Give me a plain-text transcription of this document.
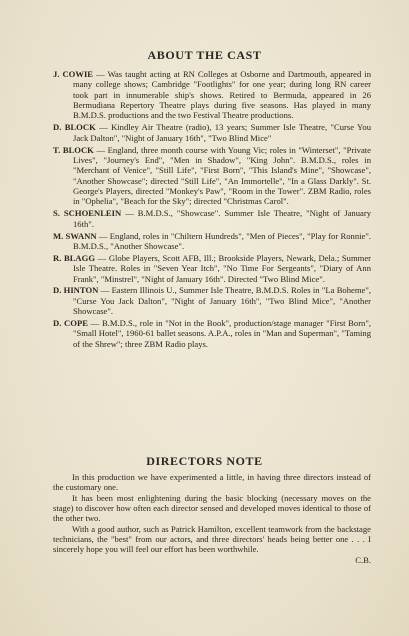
ABOUT THE CAST

J. COWIE — Was taught acting at RN Colleges at Osborne and Dartmouth, appeared in many college shows; Cambridge "Footlights" for one year; during long RN career took part in innumerable ship's shows. Retired to Bermuda, appeared in 26 Bermudiana Repertory Theatre plays during five seasons. Has played in many B.M.D.S. productions and the two Festival Theatre productions.

D. BLOCK — Kindley Air Theatre (radio), 13 years; Summer Isle Theatre, "Curse You Jack Dalton", "Night of January 16th", "Two Blind Mice"

T. BLOCK — England, three month course with Young Vic; roles in "Winterset", "Private Lives", "Journey's End", "Men in Shadow", "King John". B.M.D.S., roles in "Merchant of Venice", "Still Life", "First Born", "This Island's Mine", "Showcase", "Another Showcase"; directed "Still Life", "An Immortelle", "In a Glass Darkly". St. George's Players, directed "Monkey's Paw", "Room in the Tower". ZBM Radio, roles in "Ophelia", "Beach for the Sky"; directed "Christmas Carol".

S. SCHOENLEIN — B.M.D.S., "Showcase". Summer Isle Theatre, "Night of January 16th".

M. SWANN — England, roles in "Chiltern Hundreds", "Men of Pieces", "Play for Ronnie". B.M.D.S., "Another Showcase".

R. BLAGG — Globe Players, Scott AFB, Ill.; Brookside Players, Newark, Dela.; Summer Isle Theatre. Roles in "Seven Year Itch", "No Time For Sergeants", "Diary of Ann Frank", "Minstrel", "Night of January 16th". Directed "Two Blind Mice".

D. HINTON — Eastern Illinois U., Summer Isle Theatre, B.M.D.S. Roles in "La Boheme", "Curse You Jack Dalton", "Night of January 16th", "Two Blind Mice", "Another Showcase".

D. COPE — B.M.D.S., role in "Not in the Book", production/stage manager "First Born", "Small Hotel", 1960-61 ballet seasons. A.P.A., roles in "Man and Superman", "Taming of the Shrew"; three ZBM Radio plays.

DIRECTORS NOTE

In this production we have experimented a little, in having three directors instead of the customary one.

It has been most enlightening during the basic blocking (necessary moves on the stage) to discover how often each director sensed and developed moves identical to those of the other two.

With a good author, such as Patrick Hamilton, excellent teamwork from the backstage technicians, the "best" from our actors, and three directors' heads being better one . . . I sincerely hope you will feel our effort has been worthwhile.

C.B.
